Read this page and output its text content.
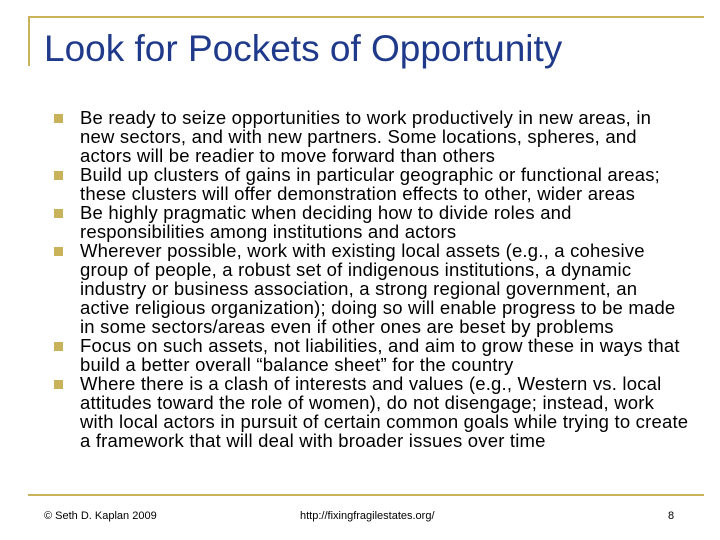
Look for Pockets of Opportunity
Be ready to seize opportunities to work productively in new areas, in new sectors, and with new partners. Some locations, spheres, and actors will be readier to move forward than others
Build up clusters of gains in particular geographic or functional areas; these clusters will offer demonstration effects to other, wider areas
Be highly pragmatic when deciding how to divide roles and responsibilities among institutions and actors
Wherever possible, work with existing local assets (e.g., a cohesive group of people, a robust set of indigenous institutions, a dynamic industry or business association, a strong regional government, an active religious organization); doing so will enable progress to be made in some sectors/areas even if other ones are beset by problems
Focus on such assets, not liabilities, and aim to grow these in ways that build a better overall “balance sheet” for the country
Where there is a clash of interests and values (e.g., Western vs. local attitudes toward the role of women), do not disengage; instead, work with local actors in pursuit of certain common goals while trying to create a framework that will deal with broader issues over time
© Seth D. Kaplan 2009	http://fixingfragilestates.org/	8
